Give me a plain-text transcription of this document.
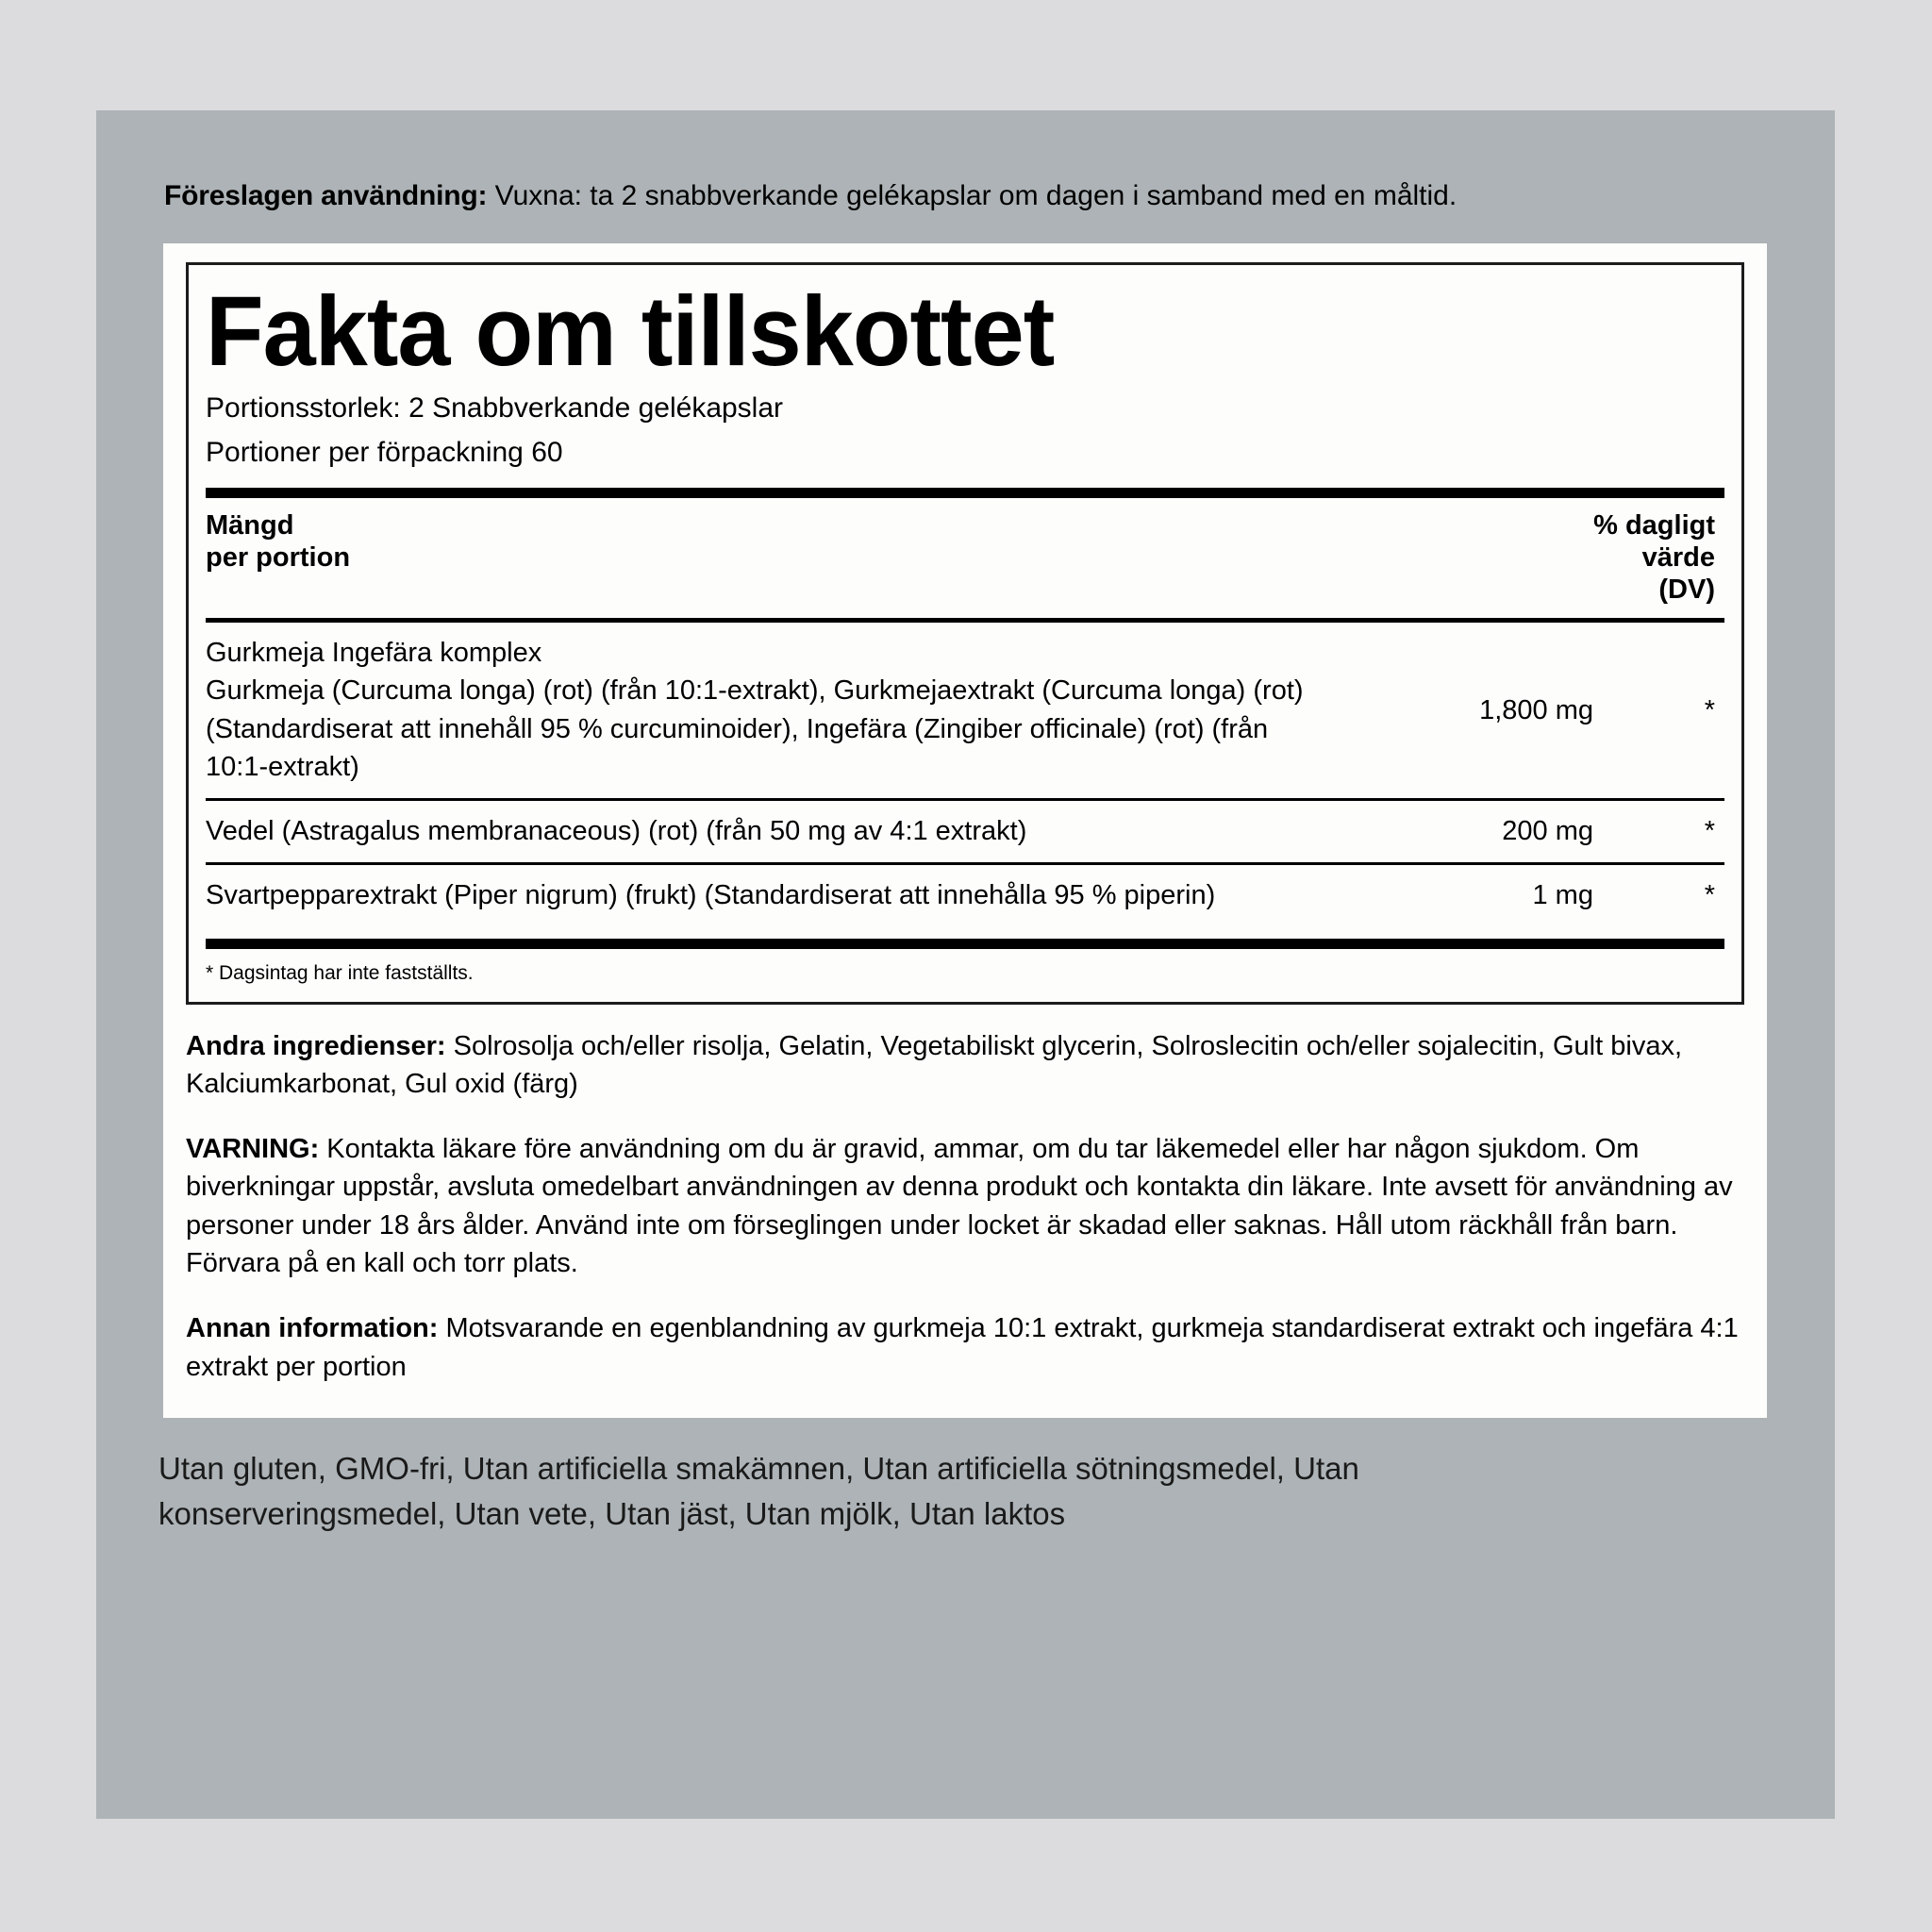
Föreslagen användning: Vuxna: ta 2 snabbverkande gelékapslar om dagen i samband med en måltid.
Fakta om tillskottet
Portionsstorlek: 2 Snabbverkande gelékapslar
Portioner per förpackning 60
Mängd
per portion

% dagligt
värde
(DV)

Gurkmeja Ingefära komplex
Gurkmeja (Curcuma longa) (rot) (från 10:1-extrakt), Gurkmejaextrakt (Curcuma longa) (rot) (Standardiserat att innehåll 95 % curcuminoider), Ingefära (Zingiber officinale) (rot) (från 10:1-extrakt)	1,800 mg	*

Vedel (Astragalus membranaceous) (rot) (från 50 mg av 4:1 extrakt)	200 mg	*

Svartpepparextrakt (Piper nigrum) (frukt) (Standardiserat att innehålla 95 % piperin)	1 mg	*
* Dagsintag har inte fastställts.
Andra ingredienser: Solrosolja och/eller risolja, Gelatin, Vegetabiliskt glycerin, Solroslecitin och/eller sojalecitin, Gult bivax, Kalciumkarbonat, Gul oxid (färg)
VARNING: Kontakta läkare före användning om du är gravid, ammar, om du tar läkemedel eller har någon sjukdom. Om biverkningar uppstår, avsluta omedelbart användningen av denna produkt och kontakta din läkare. Inte avsett för användning av personer under 18 års ålder. Använd inte om förseglingen under locket är skadad eller saknas. Håll utom räckhåll från barn. Förvara på en kall och torr plats.
Annan information: Motsvarande en egenblandning av gurkmeja 10:1 extrakt, gurkmeja standardiserat extrakt och ingefära 4:1 extrakt per portion
Utan gluten, GMO-fri, Utan artificiella smakämnen, Utan artificiella sötningsmedel, Utan konserveringsmedel, Utan vete, Utan jäst, Utan mjölk, Utan laktos
